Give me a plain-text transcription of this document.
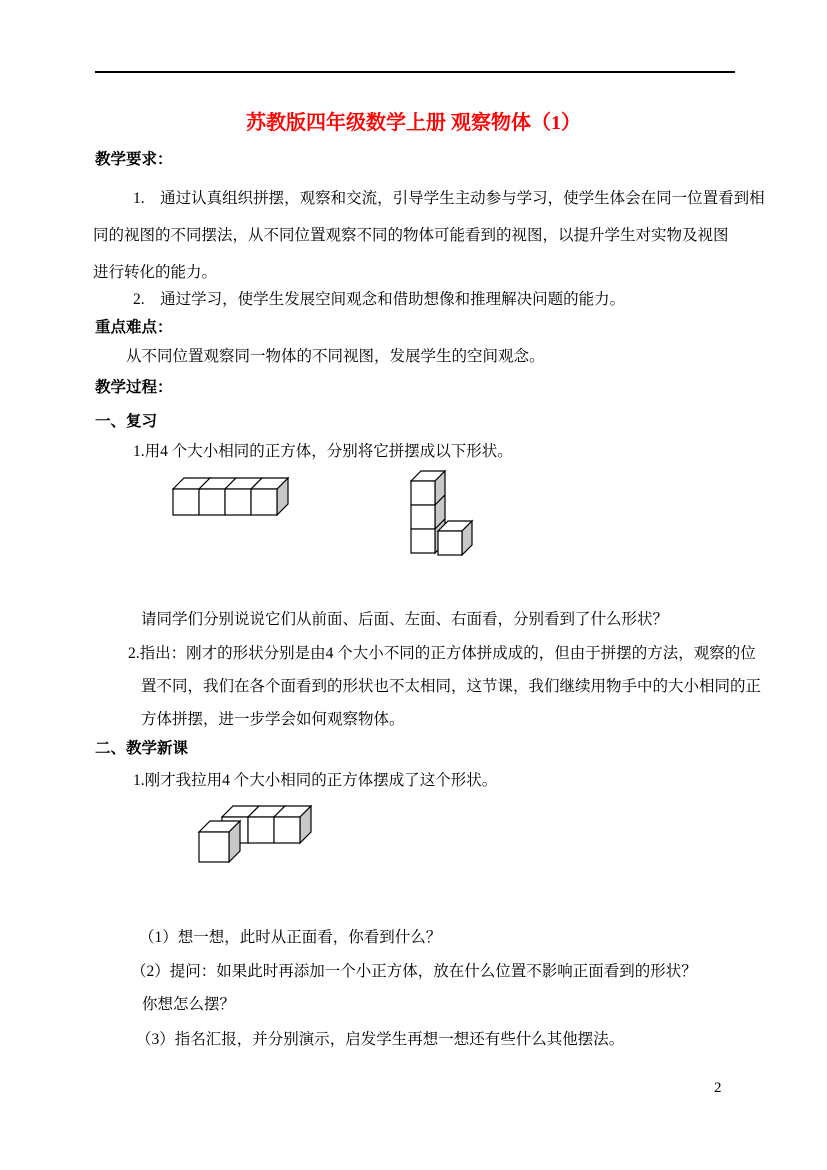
苏教版四年级数学上册 观察物体（1）
教学要求：
1.　通过认真组织拼摆，观察和交流，引导学生主动参与学习，使学生体会在同一位置看到相
同的视图的不同摆法，从不同位置观察不同的物体可能看到的视图，以提升学生对实物及视图
进行转化的能力。
2.　通过学习，使学生发展空间观念和借助想像和推理解决问题的能力。
重点难点：
从不同位置观察同一物体的不同视图，发展学生的空间观念。
教学过程：
一、复习
1.用4 个大小相同的正方体，分别将它拼摆成以下形状。
请同学们分别说说它们从前面、后面、左面、右面看，分别看到了什么形状？
2.指出：刚才的形状分别是由4 个大小不同的正方体拼成成的，但由于拼摆的方法，观察的位
置不同，我们在各个面看到的形状也不太相同，这节课，我们继续用物手中的大小相同的正
方体拼摆，进一步学会如何观察物体。
二、教学新课
1.刚才我拉用4 个大小相同的正方体摆成了这个形状。
（1）想一想，此时从正面看，你看到什么？
（2）提问：如果此时再添加一个小正方体，放在什么位置不影响正面看到的形状？
你想怎么摆？
（3）指名汇报，并分别演示，启发学生再想一想还有些什么其他摆法。
2
